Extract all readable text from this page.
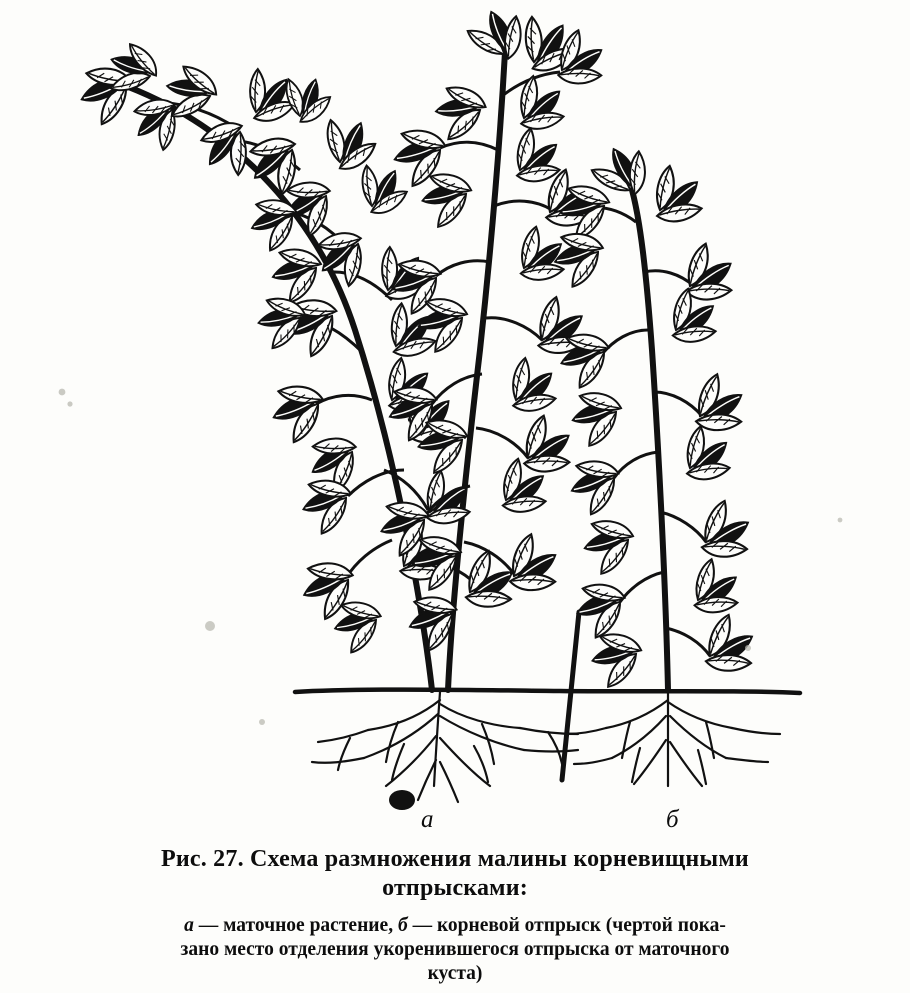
а	б
Рис. 27. Схема размножения малины корневищными
отпрысками:
а — маточное растение, б — корневой отпрыск (чертой пока-
зано место отделения укоренившегося отпрыска от маточного
куста)
